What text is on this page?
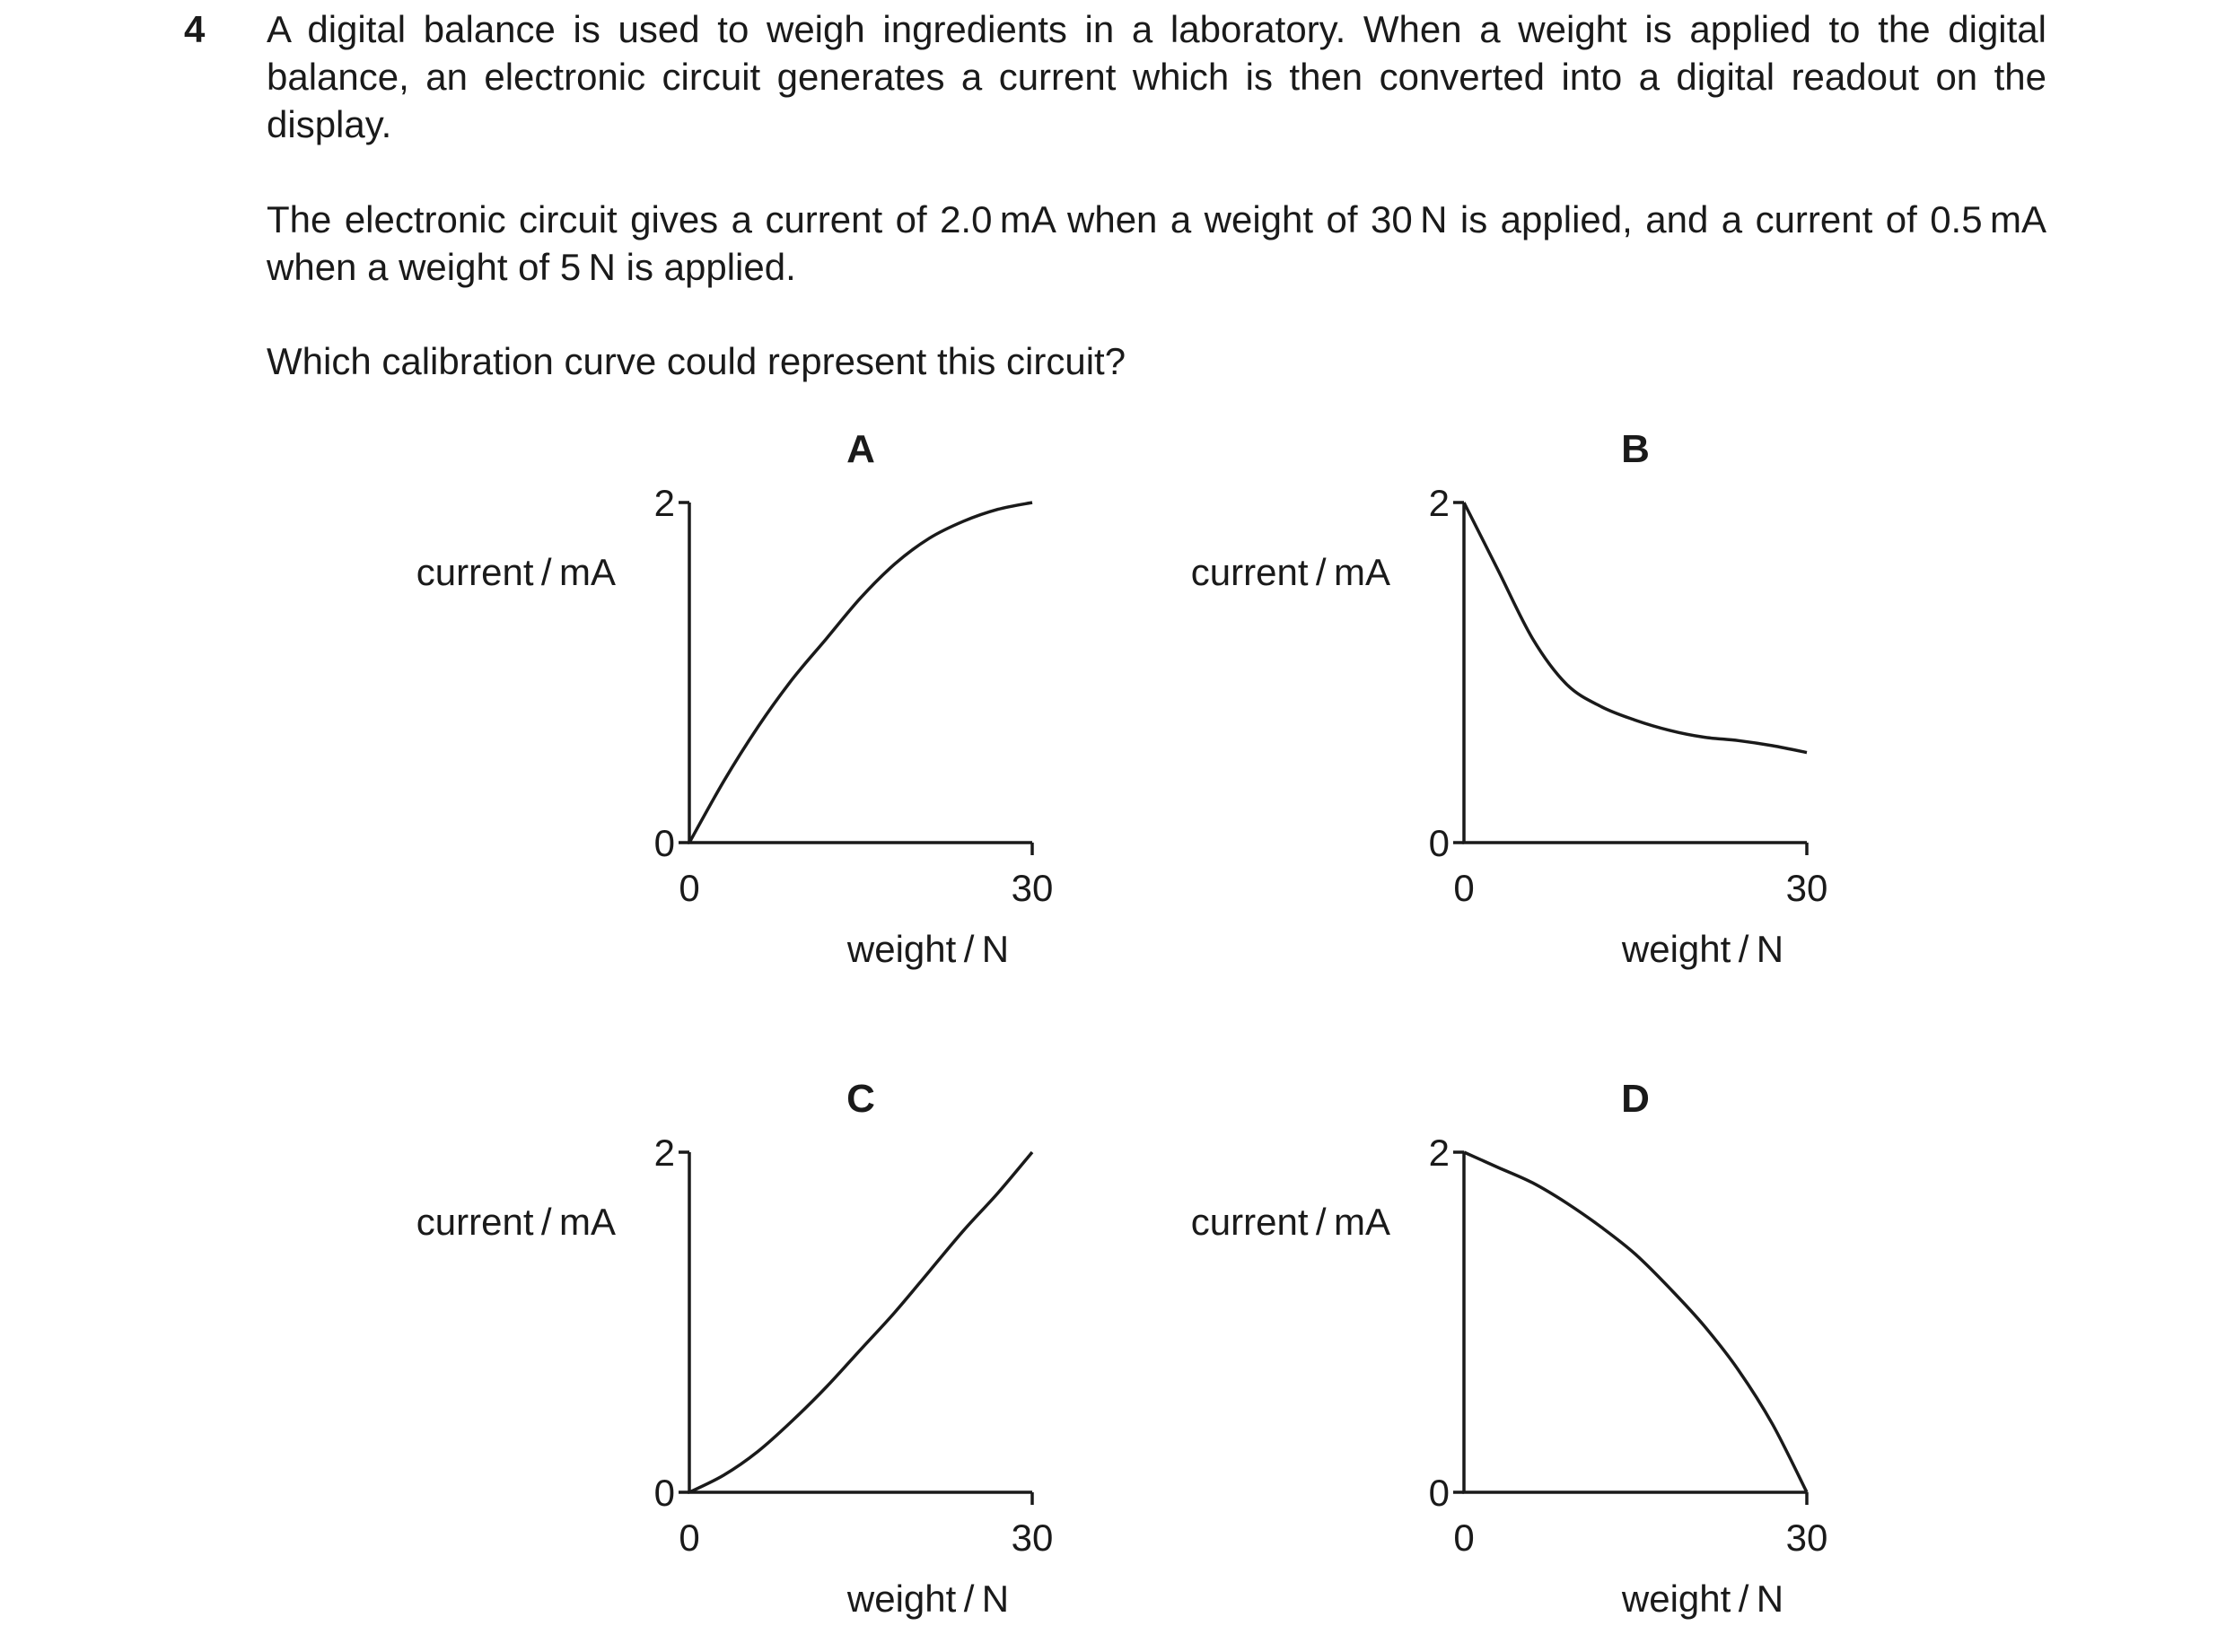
4 A digital balance is used to weigh ingredients in a laboratory. When a weight is applied to the digital balance, an electronic circuit generates a current which is then converted into a digital readout on the display.

The electronic circuit gives a current of 2.0 mA when a weight of 30 N is applied, and a current of 0.5 mA when a weight of 5 N is applied.

Which calibration curve could represent this circuit?

A
2
0
0	30
current / mA
weight / N
B
2
0
0	30
current / mA
weight / N
C
2
0
0	30
current / mA
weight / N
D
2
0
0	30
current / mA
weight / N
